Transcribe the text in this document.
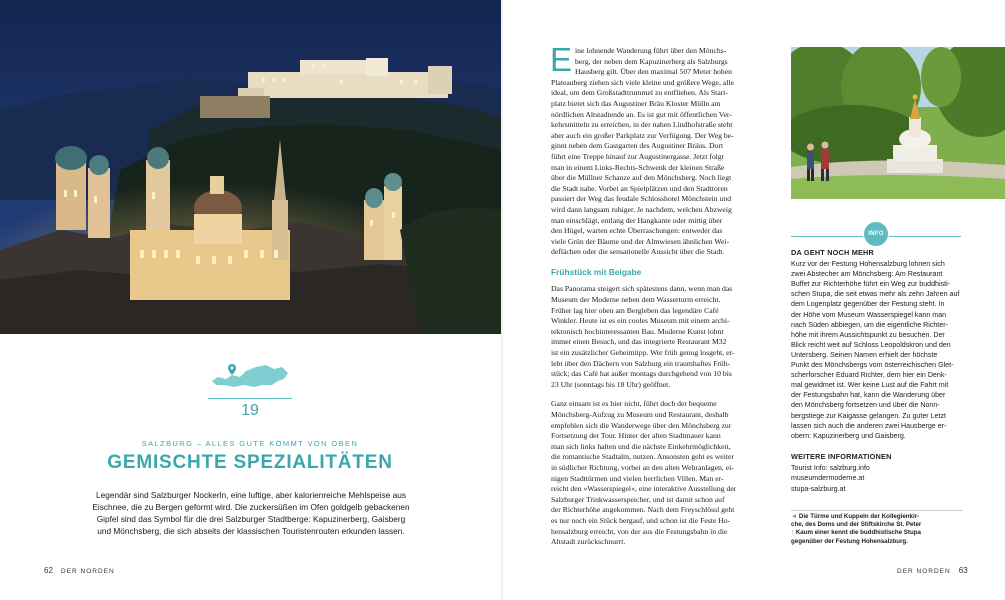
19
SALZBURG – ALLES GUTE KOMMT VON OBEN
GEMISCHTE SPEZIALITÄTEN
Legendär sind Salzburger Nockerln, eine luftige, aber kalorienreiche Mehlspeise aus
Eischnee, die zu Bergen geformt wird. Die zuckersüßen im Ofen goldgelb gebackenen
Gipfel sind das Symbol für die drei Salzburger Stadtberge: Kapuzinerberg, Gaisberg
und Mönchsberg, die sich abseits der klassischen Touristenrouten erkunden lassen.
62 DER NORDEN
E ine lohnende Wanderung führt über den Mönchs-
berg, der neben dem Kapuzinerberg als Salzburgs
Hausberg gilt. Über den maximal 507 Meter hohen
Plateauberg ziehen sich viele kleine und größere Wege, alle
ideal, um dem Großstadttrummel zu entfliehen. Als Start-
platz bietet sich das Augustiner Bräu Kloster Mülln am
nördlichen Altstadtende an. Es ist gut mit öffentlichen Ver-
kehrsmitteln zu erreichen, in der nahen Lindhofstraße steht
aber auch ein großer Parkplatz zur Verfügung. Der Weg be-
ginnt neben dem Gastgarten des Augustiner Bräus. Dort
führt eine Treppe hinauf zur Augustinergasse. Jetzt folgt
man in einem Links-Rechts-Schwenk der kleinen Straße
über die Müllner Schanze auf den Mönchsberg. Noch liegt
die Stadt nahe. Vorbei an Spielplätzen und den Stadttoren
passiert der Weg das feudale Schlosshotel Mönchstein und
wird dann langsam ruhiger. Je nachdem, welchen Abzweig
man einschlägt, entlang der Hangkante oder mittig über
den Hügel, warten echte Überraschungen: entweder das
viele Grün der Bäume und der Almwiesen ähnlichen Wei-
deflächen oder die sensationelle Aussicht über die Stadt.
Frühstück mit Beigabe
Das Panorama steigert sich spätestens dann, wenn man das
Museum der Moderne neben dem Wasserturm erreicht.
Früher lag hier oben am Bergleben das legendäre Café
Winkler. Heute ist es ein cooles Museum mit einem archi-
tektonisch hochinteressanten Bau. Moderne Kunst lohnt
immer einen Besuch, und das integrierte Restaurant M32
ist ein zusätzlicher Geheimtipp. Wer früh genug losgeht, er-
lebt über den Dächern von Salzburg ein traumhaftes Früh-
stück; das Café hat außer montags durchgehend von 10 bis
23 Uhr (sonntags bis 18 Uhr) geöffnet.
Ganz einsam ist es hier nicht, führt doch der bequeme
Mönchsberg-Aufzug zu Museum und Restaurant, deshalb
empfehlen sich die Wanderwege über den Mönchsberg zur
Fortsetzung der Tour. Hinter der alten Stadtmauer kann
man sich links halten und die nächste Einkehrmöglichkeit,
die romantische Stadtalm, nutzen. Ansonsten geht es weiter
in südlicher Richtung, vorbei an den alten Wehranlagen, ei-
nigen Stadttürmen und vielen herrlichen Villen. Man er-
reicht den »Wasserspiegel«, eine interaktive Ausstellung der
Salzburger Trinkwasserspeicher, und ist damit schon auf
der Richterhöhe angekommen. Nach dem Freyschlössl geht
es nur noch ein Stück bergauf, und schon ist die Feste Ho-
hensalzburg erreicht, von der aus die Festungsbahn in die
Altstadt zurückschnurrt.
INFO
DA GEHT NOCH MEHR
Kurz vor der Festung Hohensalzburg lohnen sich
zwei Abstecher am Mönchsberg: Am Restaurant
Buffet zur Richterhöhe führt ein Weg zur buddhisti-
schen Stupa, die seit etwas mehr als zehn Jahren auf
dem Logenplatz gegenüber der Festung steht. In
der Höhe vom Museum Wasserspiegel kann man
nach Süden abbiegen, um die eigentliche Richter-
höhe mit ihrem Aussichtspunkt zu besuchen. Der
Blick reicht weit auf Schloss Leopoldskron und den
Untersberg. Seinen Namen erhielt der höchste
Punkt des Mönchsbergs vom österreichischen Glet-
scherforscher Eduard Richter, dem hier ein Denk-
mal gewidmet ist. Wer keine Lust auf die Fahrt mit
der Festungsbahn hat, kann die Wanderung über
den Mönchsberg fortsetzen und über die Nonn-
bergstiege zur Kaigasse gelangen. Zu guter Letzt
lassen sich auch die anderen zwei Hausberge er-
obern: Kapuzinerberg und Gaisberg.
WEITERE INFORMATIONEN
Tourist Info: salzburg.info
museumdermoderne.at
stupa-salzburg.at
◄ Die Türme und Kuppeln der Kollegienkir-
che, des Doms und der Stiftskirche St. Peter
↑ Kaum einer kennt die buddhistische Stupa
gegenüber der Festung Hohensalzburg.
DER NORDEN 63
